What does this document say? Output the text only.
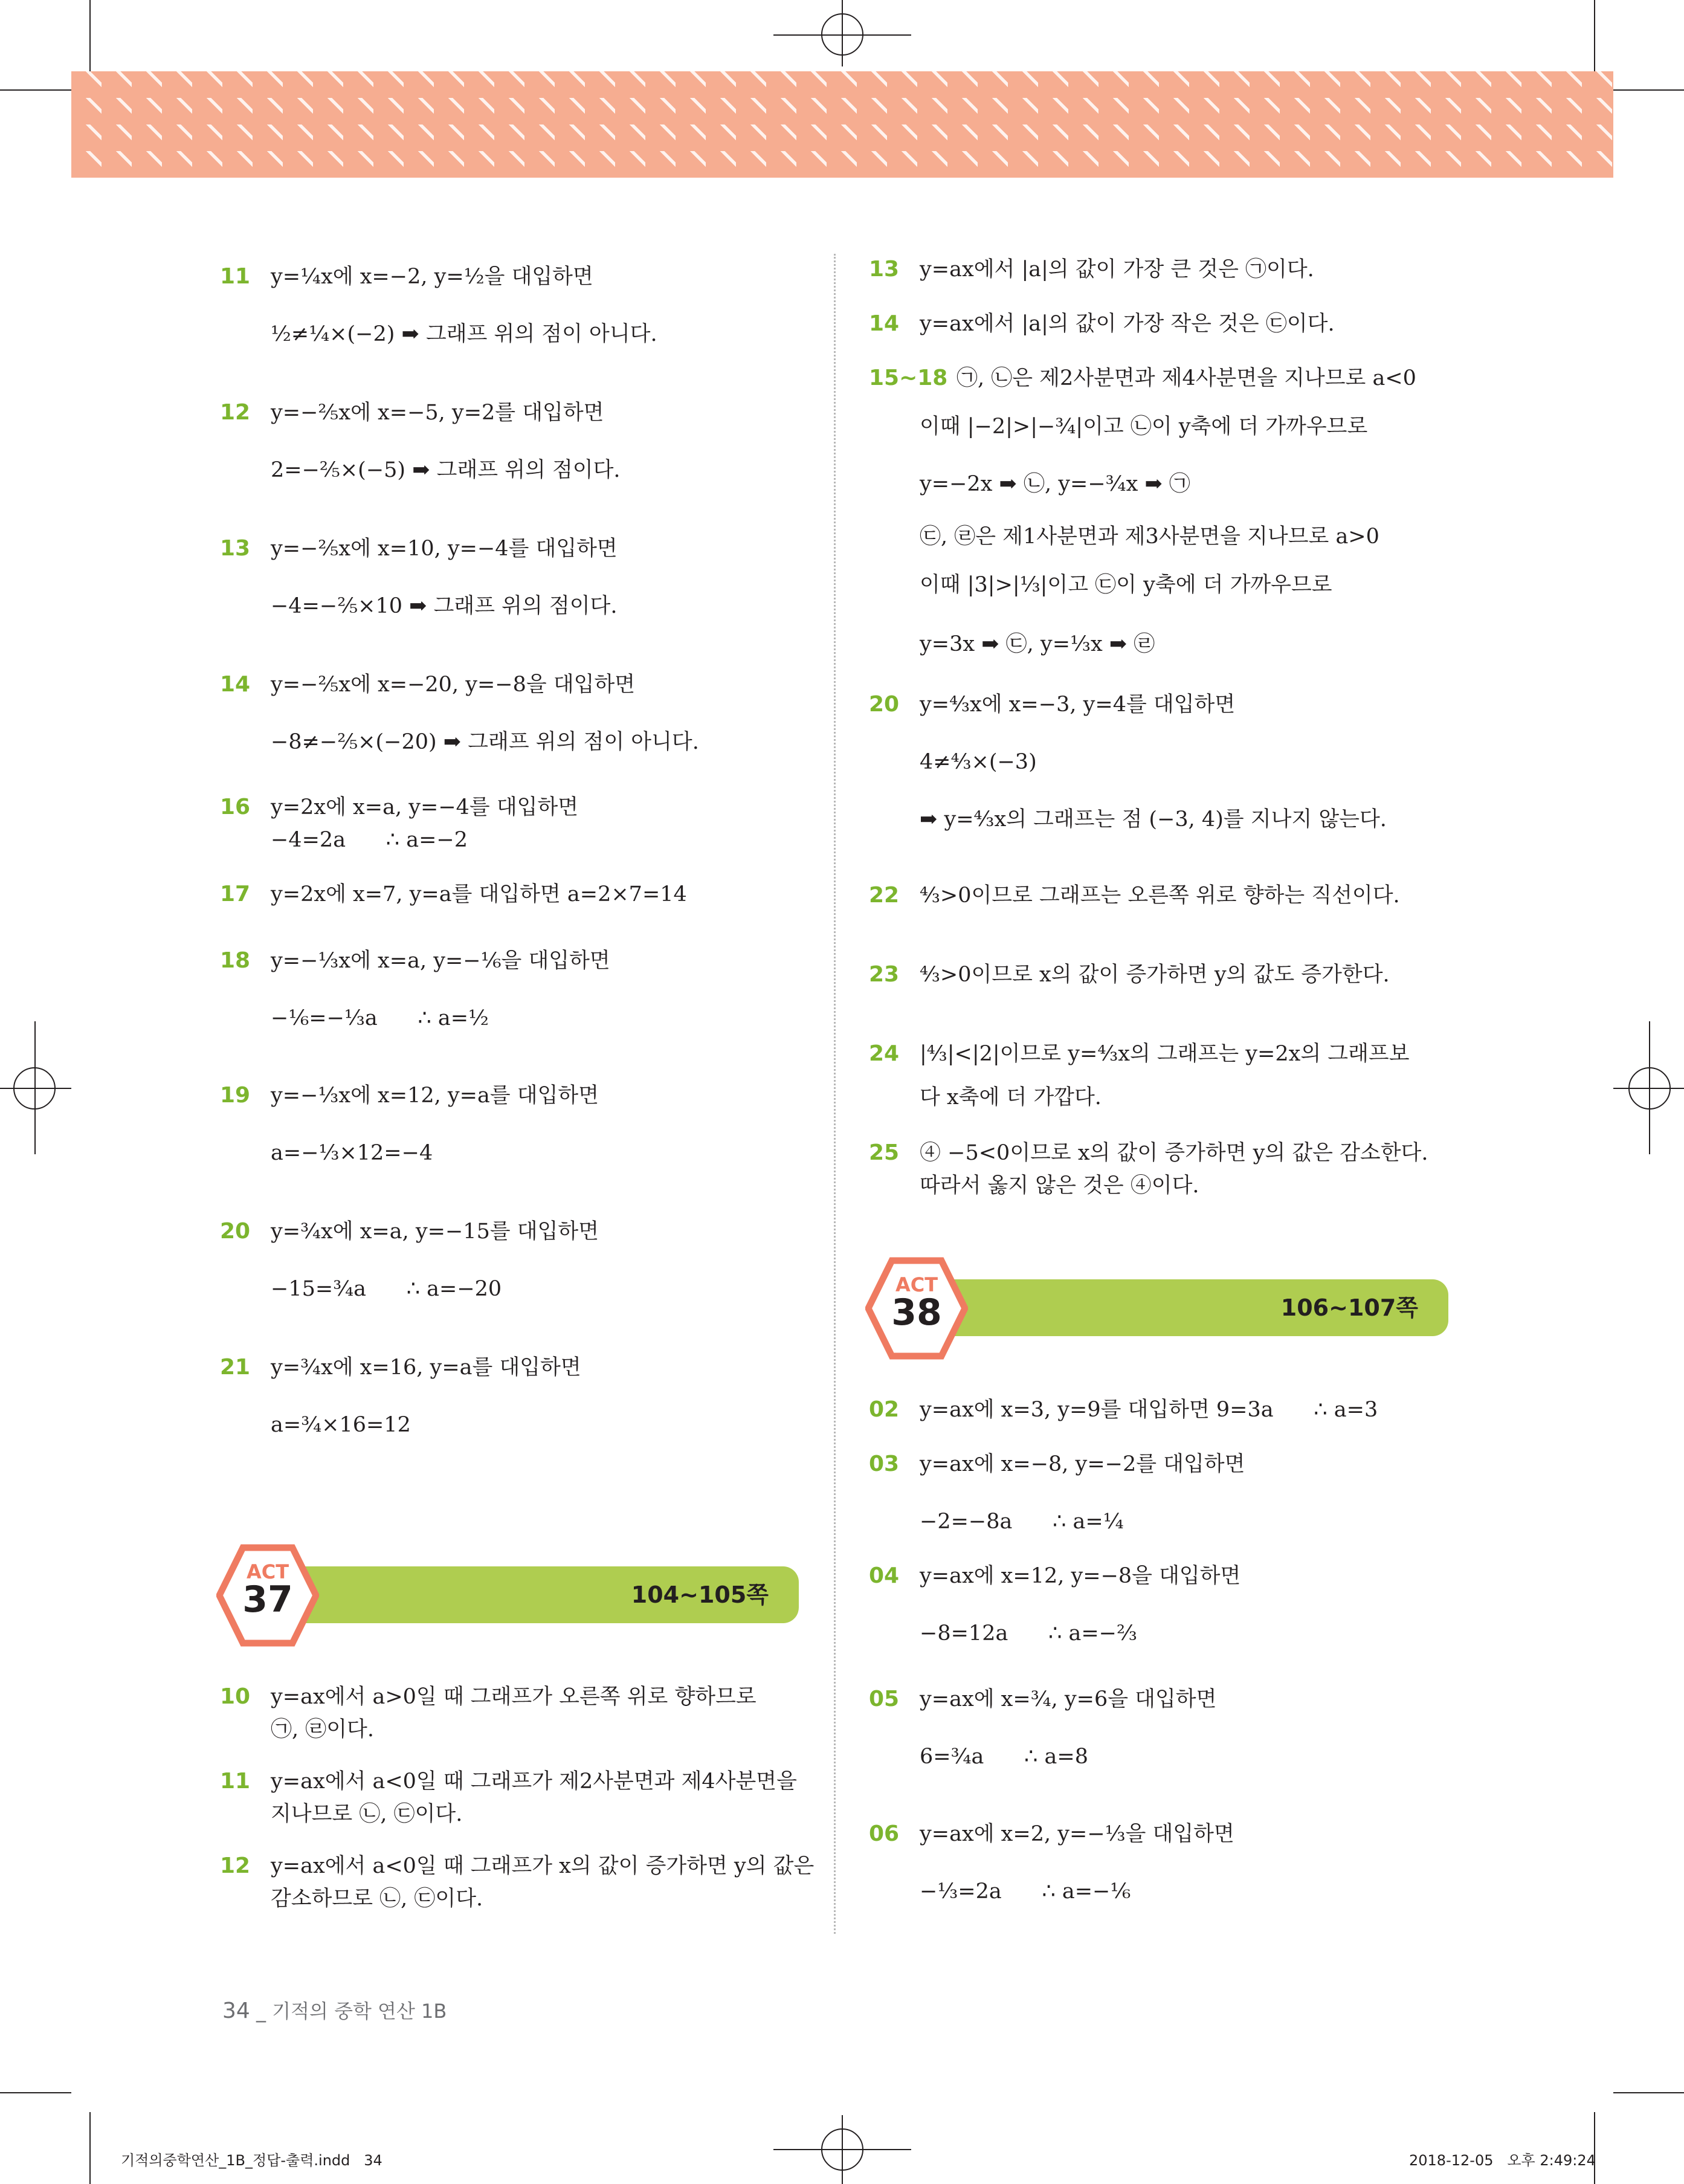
11 y=¼x에 x=−2, y=½을 대입하면
½≠¼×(−2) ➡ 그래프 위의 점이 아니다.
12 y=−⅖x에 x=−5, y=2를 대입하면
2=−⅖×(−5) ➡ 그래프 위의 점이다.
13 y=−⅖x에 x=10, y=−4를 대입하면
−4=−⅖×10 ➡ 그래프 위의 점이다.
14 y=−⅖x에 x=−20, y=−8을 대입하면
−8≠−⅖×(−20) ➡ 그래프 위의 점이 아니다.
16 y=2x에 x=a, y=−4를 대입하면
−4=2a      ∴ a=−2
17 y=2x에 x=7, y=a를 대입하면 a=2×7=14
18 y=−⅓x에 x=a, y=−⅙을 대입하면
−⅙=−⅓a      ∴ a=½
19 y=−⅓x에 x=12, y=a를 대입하면
a=−⅓×12=−4
20 y=¾x에 x=a, y=−15를 대입하면
−15=¾a      ∴ a=−20
21 y=¾x에 x=16, y=a를 대입하면
a=¾×16=12
104~105쪽
ACT
37
10 y=ax에서 a>0일 때 그래프가 오른쪽 위로 향하므로
㉠, ㉣이다.
11 y=ax에서 a<0일 때 그래프가 제2사분면과 제4사분면을
지나므로 ㉡, ㉢이다.
12 y=ax에서 a<0일 때 그래프가 x의 값이 증가하면 y의 값은
감소하므로 ㉡, ㉢이다.
13 y=ax에서 |a|의 값이 가장 큰 것은 ㉠이다.
14 y=ax에서 |a|의 값이 가장 작은 것은 ㉢이다.
15~18 ㉠, ㉡은 제2사분면과 제4사분면을 지나므로 a<0
이때 |−2|>|−¾|이고 ㉡이 y축에 더 가까우므로
y=−2x ➡ ㉡, y=−¾x ➡ ㉠
㉢, ㉣은 제1사분면과 제3사분면을 지나므로 a>0
이때 |3|>|⅓|이고 ㉢이 y축에 더 가까우므로
y=3x ➡ ㉢, y=⅓x ➡ ㉣
20 y=⁴⁄₃x에 x=−3, y=4를 대입하면
4≠⁴⁄₃×(−3)
➡ y=⁴⁄₃x의 그래프는 점 (−3, 4)를 지나지 않는다.
22 ⁴⁄₃>0이므로 그래프는 오른쪽 위로 향하는 직선이다.
23 ⁴⁄₃>0이므로 x의 값이 증가하면 y의 값도 증가한다.
24 |⁴⁄₃|<|2|이므로 y=⁴⁄₃x의 그래프는 y=2x의 그래프보
다 x축에 더 가깝다.
25 ④ −5<0이므로 x의 값이 증가하면 y의 값은 감소한다.
따라서 옳지 않은 것은 ④이다.
106~107쪽
ACT
38
02 y=ax에 x=3, y=9를 대입하면 9=3a      ∴ a=3
03 y=ax에 x=−8, y=−2를 대입하면
−2=−8a      ∴ a=¼
04 y=ax에 x=12, y=−8을 대입하면
−8=12a      ∴ a=−⅔
05 y=ax에 x=¾, y=6을 대입하면
6=¾a      ∴ a=8
06 y=ax에 x=2, y=−⅓을 대입하면
−⅓=2a      ∴ a=−⅙
34 _ 기적의 중학 연산 1B
기적의중학연산_1B_정답-출력.indd   34	2018-12-05   오후 2:49:24
